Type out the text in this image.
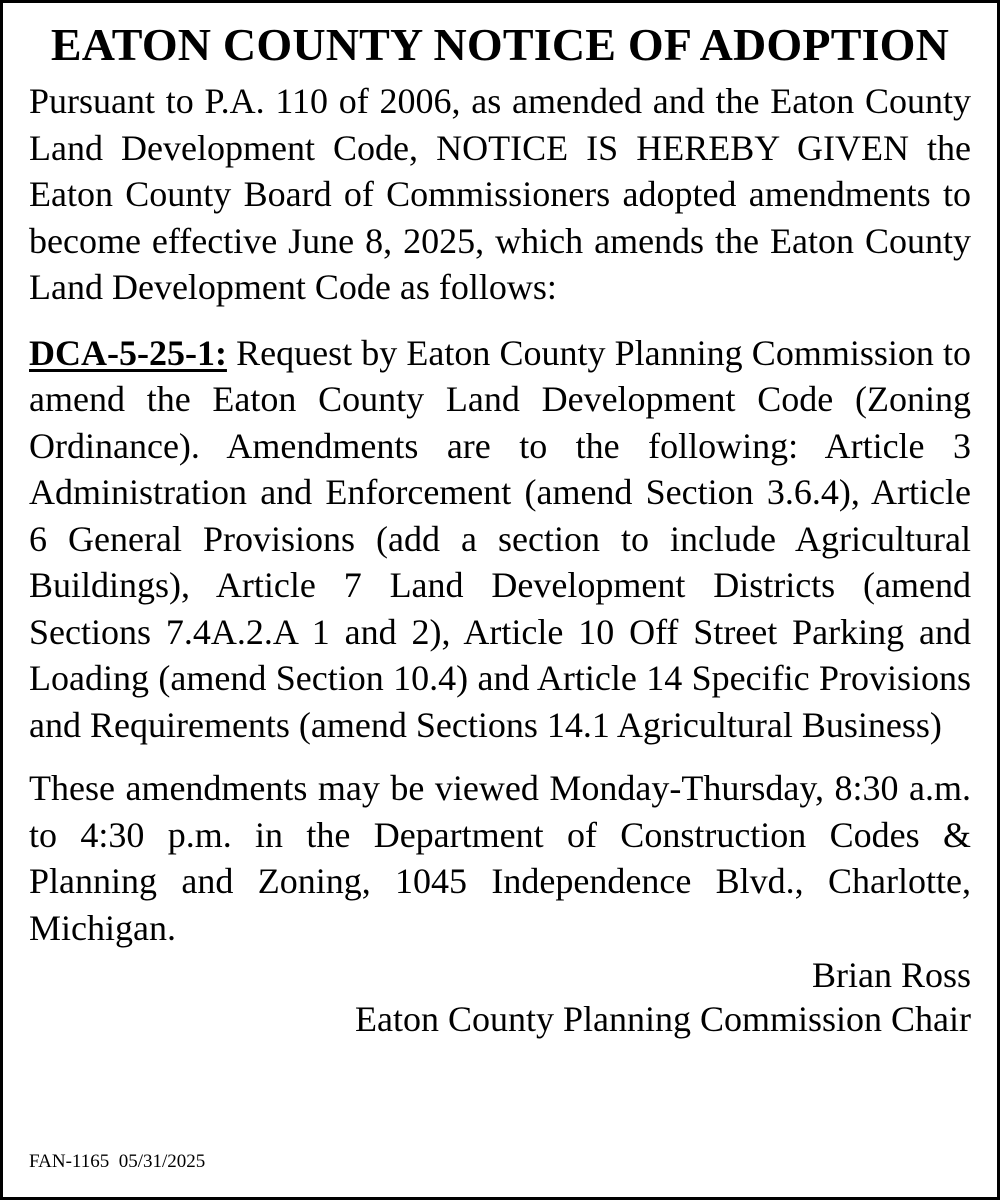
EATON COUNTY NOTICE OF ADOPTION

Pursuant to P.A. 110 of 2006, as amended and the Eaton County Land Development Code, NOTICE IS HEREBY GIVEN the Eaton County Board of Commissioners adopted amendments to become effective June 8, 2025, which amends the Eaton County Land Development Code as follows:

DCA-5-25-1: Request by Eaton County Planning Commission to amend the Eaton County Land Development Code (Zoning Ordinance). Amendments are to the following: Article 3 Administration and Enforcement (amend Section 3.6.4), Article 6 General Provisions (add a section to include Agricultural Buildings), Article 7 Land Development Districts (amend Sections 7.4A.2.A 1 and 2), Article 10 Off Street Parking and Loading (amend Section 10.4) and Article 14 Specific Provisions and Requirements (amend Sections 14.1 Agricultural Business)

These amendments may be viewed Monday-Thursday, 8:30 a.m. to 4:30 p.m. in the Department of Construction Codes & Planning and Zoning, 1045 Independence Blvd., Charlotte, Michigan.

Brian Ross
Eaton County Planning Commission Chair
FAN-1165  05/31/2025
